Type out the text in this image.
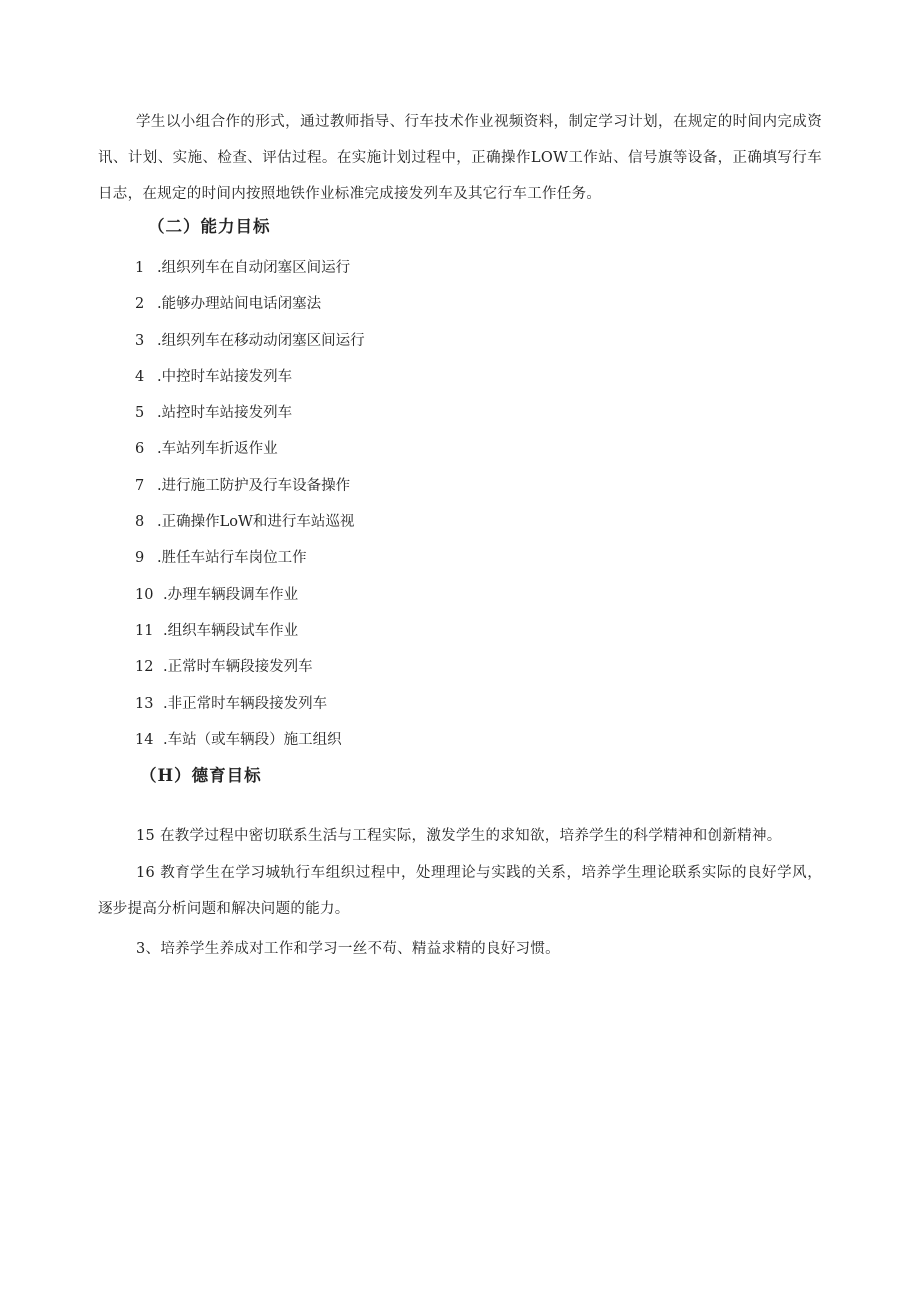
学生以小组合作的形式，通过教师指导、行车技术作业视频资料，制定学习计划，在规定的时间内完成资讯、计划、实施、检查、评估过程。在实施计划过程中，正确操作LOW工作站、信号旗等设备，正确填写行车日志，在规定的时间内按照地铁作业标准完成接发列车及其它行车工作任务。

（二）能力目标
1 .组织列车在自动闭塞区间运行
2 .能够办理站间电话闭塞法
3 .组织列车在移动动闭塞区间运行
4 .中控时车站接发列车
5 .站控时车站接发列车
6 .车站列车折返作业
7 .进行施工防护及行车设备操作
8 .正确操作LoW和进行车站巡视
9 .胜任车站行车岗位工作
10 .办理车辆段调车作业
11 .组织车辆段试车作业
12 .正常时车辆段接发列车
13 .非正常时车辆段接发列车
14 .车站（或车辆段）施工组织
（H）德育目标

15 在教学过程中密切联系生活与工程实际，激发学生的求知欲，培养学生的科学精神和创新精神。

16 教育学生在学习城轨行车组织过程中，处理理论与实践的关系，培养学生理论联系实际的良好学风，逐步提高分析问题和解决问题的能力。

3、培养学生养成对工作和学习一丝不苟、精益求精的良好习惯。
